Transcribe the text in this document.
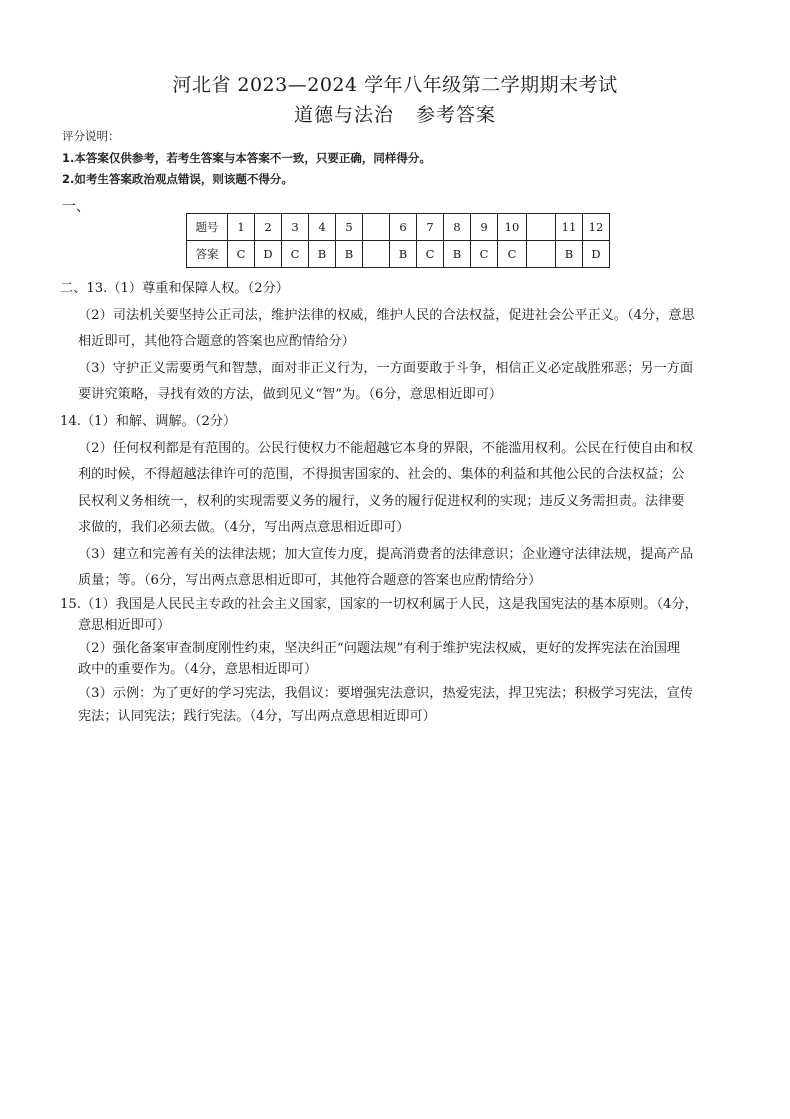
河北省 2023—2024 学年八年级第二学期期末考试
道德与法治 参考答案
评分说明：
1.本答案仅供参考，若考生答案与本答案不一致，只要正确，同样得分。
2.如考生答案政治观点错误，则该题不得分。
一、
题号	1	2	3	4	5		6	7	8	9	10		11	12
答案	C	D	C	B	B		B	C	B	C	C		B	D
二、13.（1）尊重和保障人权。（2分）
（2）司法机关要坚持公正司法，维护法律的权威，维护人民的合法权益，促进社会公平正义。（4分，意思
相近即可，其他符合题意的答案也应酌情给分）
（3）守护正义需要勇气和智慧，面对非正义行为，一方面要敢于斗争，相信正义必定战胜邪恶；另一方面
要讲究策略，寻找有效的方法，做到见义“智”为。（6分，意思相近即可）
14.（1）和解、调解。（2分）
（2）任何权利都是有范围的。公民行使权力不能超越它本身的界限，不能滥用权利。公民在行使自由和权
利的时候，不得超越法律许可的范围，不得损害国家的、社会的、集体的利益和其他公民的合法权益；公
民权利义务相统一，权利的实现需要义务的履行，义务的履行促进权利的实现；违反义务需担责。法律要
求做的，我们必须去做。（4分，写出两点意思相近即可）
（3）建立和完善有关的法律法规；加大宣传力度，提高消费者的法律意识；企业遵守法律法规，提高产品
质量；等。（6分，写出两点意思相近即可，其他符合题意的答案也应酌情给分）
15.（1）我国是人民民主专政的社会主义国家，国家的一切权利属于人民，这是我国宪法的基本原则。（4分，
意思相近即可）
（2）强化备案审查制度刚性约束，坚决纠正“问题法规”有利于维护宪法权威，更好的发挥宪法在治国理
政中的重要作为。（4分，意思相近即可）
（3）示例：为了更好的学习宪法，我倡议：要增强宪法意识，热爱宪法，捍卫宪法；积极学习宪法，宣传
宪法；认同宪法；践行宪法。（4分，写出两点意思相近即可）
